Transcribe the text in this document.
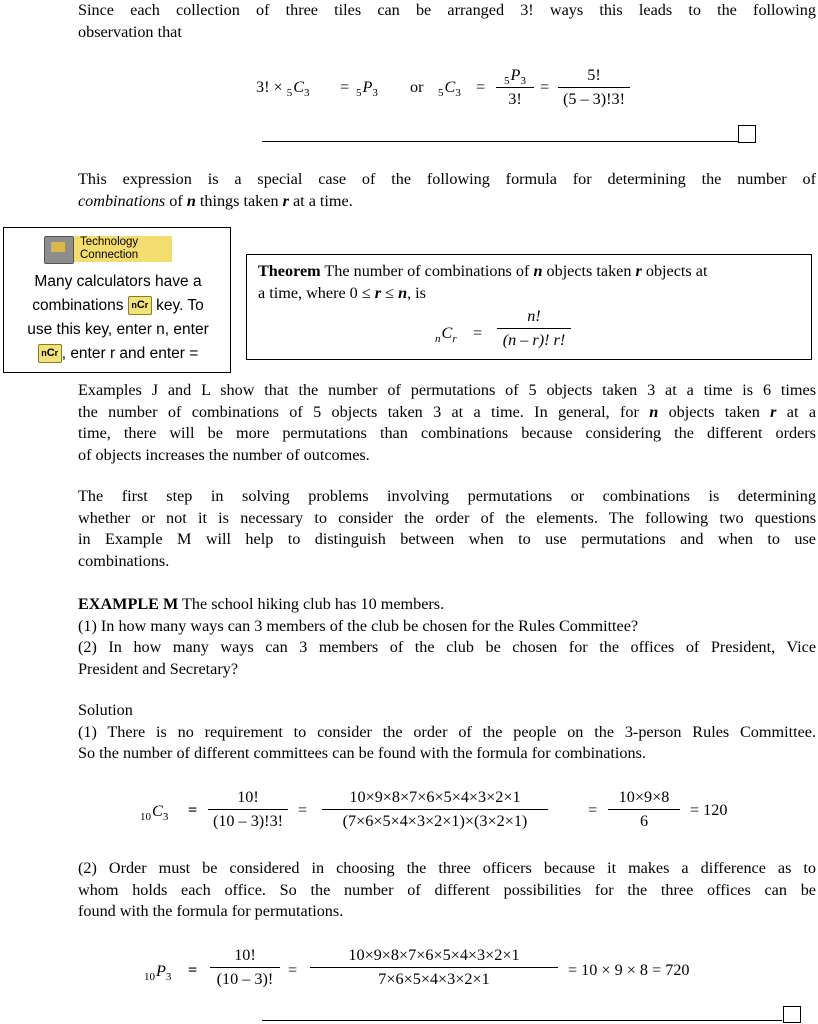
Since each collection of three tiles can be arranged 3! ways this leads to the following
observation that

3! × $_5C_3 = _5P_3$ or $_5C_3$ =	$_5P_3$
3!
=
5!
(5 – 3)!3!

This expression is a special case of the following formula for determining the number of
combinations of n things taken r at a time.

Technology
Connection
Many calculators have a
combinations nCr key. To
use this key, enter n, enter
nCr , enter r and enter =
Theorem The number of combinations of n objects taken r objects at
a time, where 0 ≤ r ≤ n, is
$_nC_r$ =
n!
(n – r)! r!

Examples J and L show that the number of permutations of 5 objects taken 3 at a time is 6 times
the number of combinations of 5 objects taken 3 at a time. In general, for n objects taken r at a
time, there will be more permutations than combinations because considering the different orders
of objects increases the number of outcomes.

The first step in solving problems involving permutations or combinations is determining
whether or not it is necessary to consider the order of the elements. The following two questions
in Example M will help to distinguish between when to use permutations and when to use
combinations.

EXAMPLE M The school hiking club has 10 members.
(1) In how many ways can 3 members of the club be chosen for the Rules Committee?
(2) In how many ways can 3 members of the club be chosen for the offices of President, Vice
President and Secretary?

Solution
(1) There is no requirement to consider the order of the people on the 3-person Rules Committee.
So the number of different committees can be found with the formula for combinations.

$_{10}C_3$ =
10!
(10 – 3)!3!
=
10×9×8×7×6×5×4×3×2×1
(7×6×5×4×3×2×1)×(3×2×1)
=
10×9×8
6
= 120

(2) Order must be considered in choosing the three officers because it makes a difference as to
whom holds each office. So the number of different possibilities for the three offices can be
found with the formula for permutations.

$_{10}P_3$ =
10!
(10 – 3)! =
10×9×8×7×6×5×4×3×2×1
7×6×5×4×3×2×1	= 10 × 9 × 8 = 720
